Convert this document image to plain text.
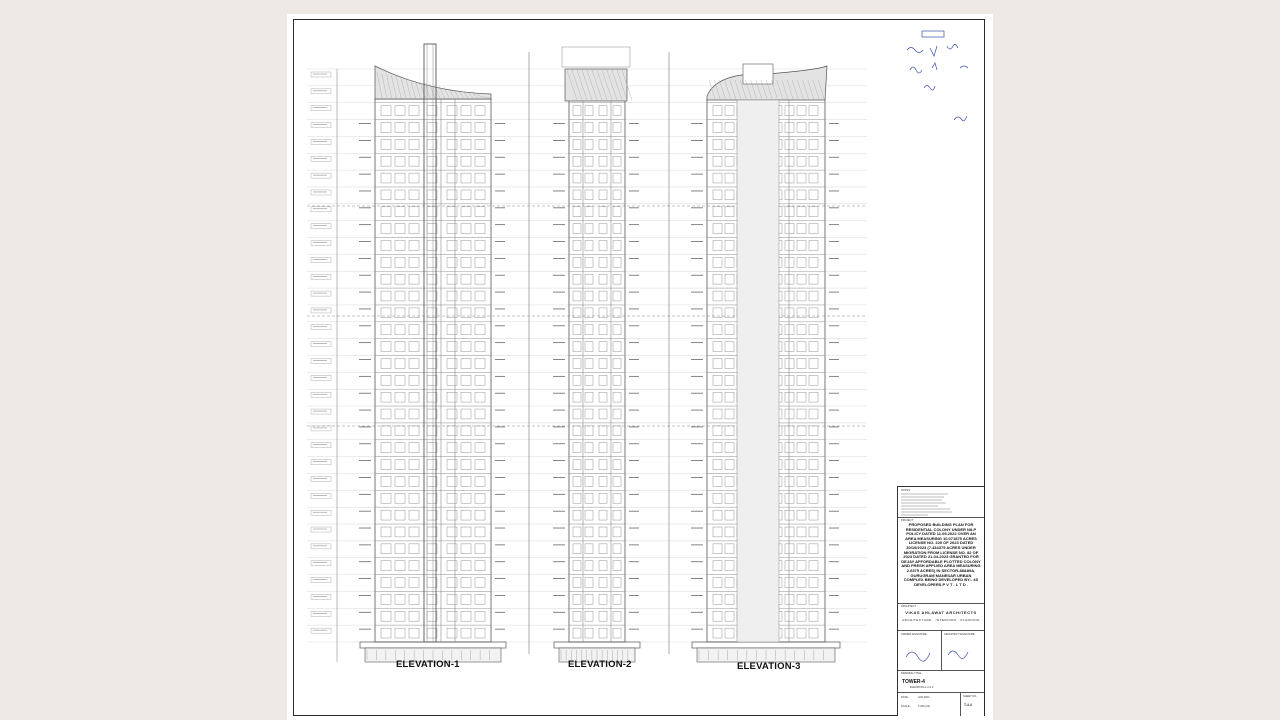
ELEVATION-1	ELEVATION-2	ELEVATION-3
NOTES:
PROJECT:
PROPOSED BUILDING PLAN FOR RESIDENTIAL COLONY UNDER NILP POLICY DATED 11.05.2022 OVER AN AREA MEASURING 10.071875 ACRES LICENSE NO. 225 OF 2023 DATED 30/10/2023 (7.434375 ACRES UNDER MIGRATION FROM LICENSE NO. 82 OF 2023 DATED 21-04-2023 GRANTED FOR DEJAY AFFORDABLE PLOTTED COLONY AND FRESH APPLIED AREA MEASURING 2.6375 ACRES) IN SECTOR-88&89A, GURUGRAM MANESAR URBAN COMPLEX BEING DEVELOPED BY:- 4S DEVELOPERS P V T . L T D .
ARCHITECT:
VIKAS AHLAWAT ARCHITECTS
ARCHITECTURE . INTERIORS . PLANNING
OWNER SIGNATURE:	ARCHITECT SIGNATURE:
DRAWING TITLE:
TOWER-4
ELEVATION-1,2 & 3
DATE:-	JAN,2024
SCALE:-	1:200 (A1)
SHEET NO.
T-4.4
